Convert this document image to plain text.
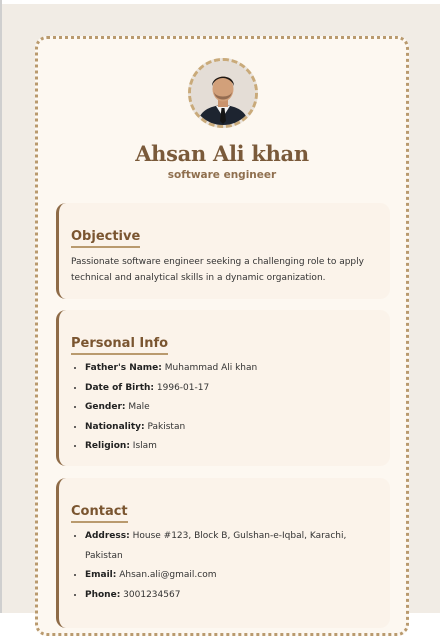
Ahsan Ali khan
software engineer
Objective

Passionate software engineer seeking a challenging role to apply technical and analytical skills in a dynamic organization.

Personal Info
• Father's Name: Muhammad Ali khan
• Date of Birth: 1996-01-17
• Gender: Male
• Nationality: Pakistan
• Religion: Islam
Contact
• Address: House #123, Block B, Gulshan-e-Iqbal, Karachi, Pakistan
• Email: Ahsan.ali@gmail.com
• Phone: 3001234567
